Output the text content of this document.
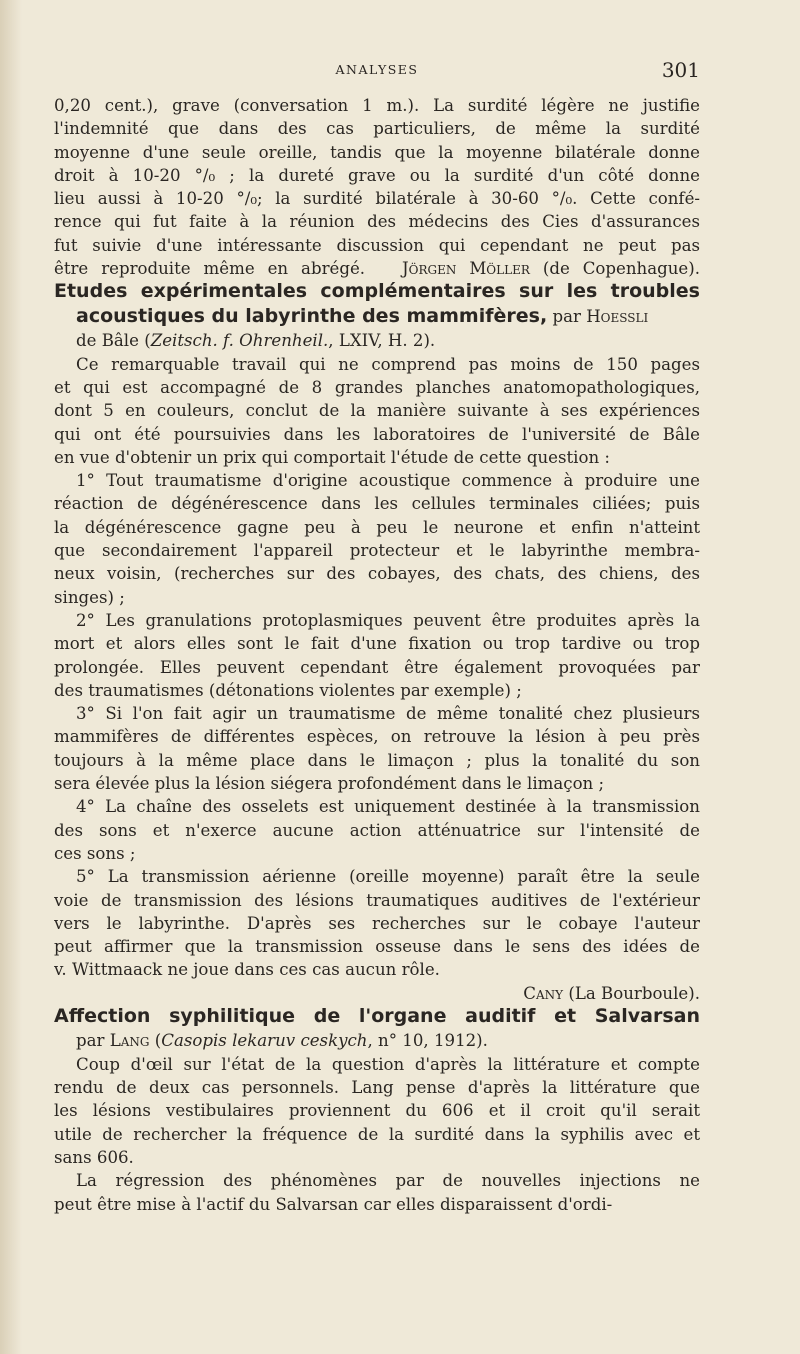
ANALYSES	301
0,20 cent.), grave (conversation 1 m.). La surdité légère ne justifie
l'indemnité que dans des cas particuliers, de même la surdité
moyenne d'une seule oreille, tandis que la moyenne bilatérale donne
droit à 10-20 °/₀ ; la dureté grave ou la surdité d'un côté donne
lieu aussi à 10-20 °/₀; la surdité bilatérale à 30-60 °/₀. Cette confé-
rence qui fut faite à la réunion des médecins des Cies d'assurances
fut suivie d'une intéressante discussion qui cependant ne peut pas
être reproduite même en abrégé. Jörgen Möller (de Copenhague).
Etudes expérimentales complémentaires sur les troubles
acoustiques du labyrinthe des mammifères, par Hoessli
de Bâle (Zeitsch. f. Ohrenheil., LXIV, H. 2).
Ce remarquable travail qui ne comprend pas moins de 150 pages
et qui est accompagné de 8 grandes planches anatomopathologiques,
dont 5 en couleurs, conclut de la manière suivante à ses expériences
qui ont été poursuivies dans les laboratoires de l'université de Bâle
en vue d'obtenir un prix qui comportait l'étude de cette question :
1° Tout traumatisme d'origine acoustique commence à produire une
réaction de dégénérescence dans les cellules terminales ciliées; puis
la dégénérescence gagne peu à peu le neurone et enfin n'atteint
que secondairement l'appareil protecteur et le labyrinthe membra-
neux voisin, (recherches sur des cobayes, des chats, des chiens, des
singes) ;
2° Les granulations protoplasmiques peuvent être produites après la
mort et alors elles sont le fait d'une fixation ou trop tardive ou trop
prolongée. Elles peuvent cependant être également provoquées par
des traumatismes (détonations violentes par exemple) ;
3° Si l'on fait agir un traumatisme de même tonalité chez plusieurs
mammifères de différentes espèces, on retrouve la lésion à peu près
toujours à la même place dans le limaçon ; plus la tonalité du son
sera élevée plus la lésion siégera profondément dans le limaçon ;
4° La chaîne des osselets est uniquement destinée à la transmission
des sons et n'exerce aucune action atténuatrice sur l'intensité de
ces sons ;
5° La transmission aérienne (oreille moyenne) paraît être la seule
voie de transmission des lésions traumatiques auditives de l'extérieur
vers le labyrinthe. D'après ses recherches sur le cobaye l'auteur
peut affirmer que la transmission osseuse dans le sens des idées de
v. Wittmaack ne joue dans ces cas aucun rôle.
Cany (La Bourboule).
Affection syphilitique de l'organe auditif et Salvarsan
par Lang (Casopis lekaruv ceskych, n° 10, 1912).
Coup d'œil sur l'état de la question d'après la littérature et compte
rendu de deux cas personnels. Lang pense d'après la littérature que
les lésions vestibulaires proviennent du 606 et il croit qu'il serait
utile de rechercher la fréquence de la surdité dans la syphilis avec et
sans 606.
La régression des phénomènes par de nouvelles injections ne
peut être mise à l'actif du Salvarsan car elles disparaissent d'ordi-
